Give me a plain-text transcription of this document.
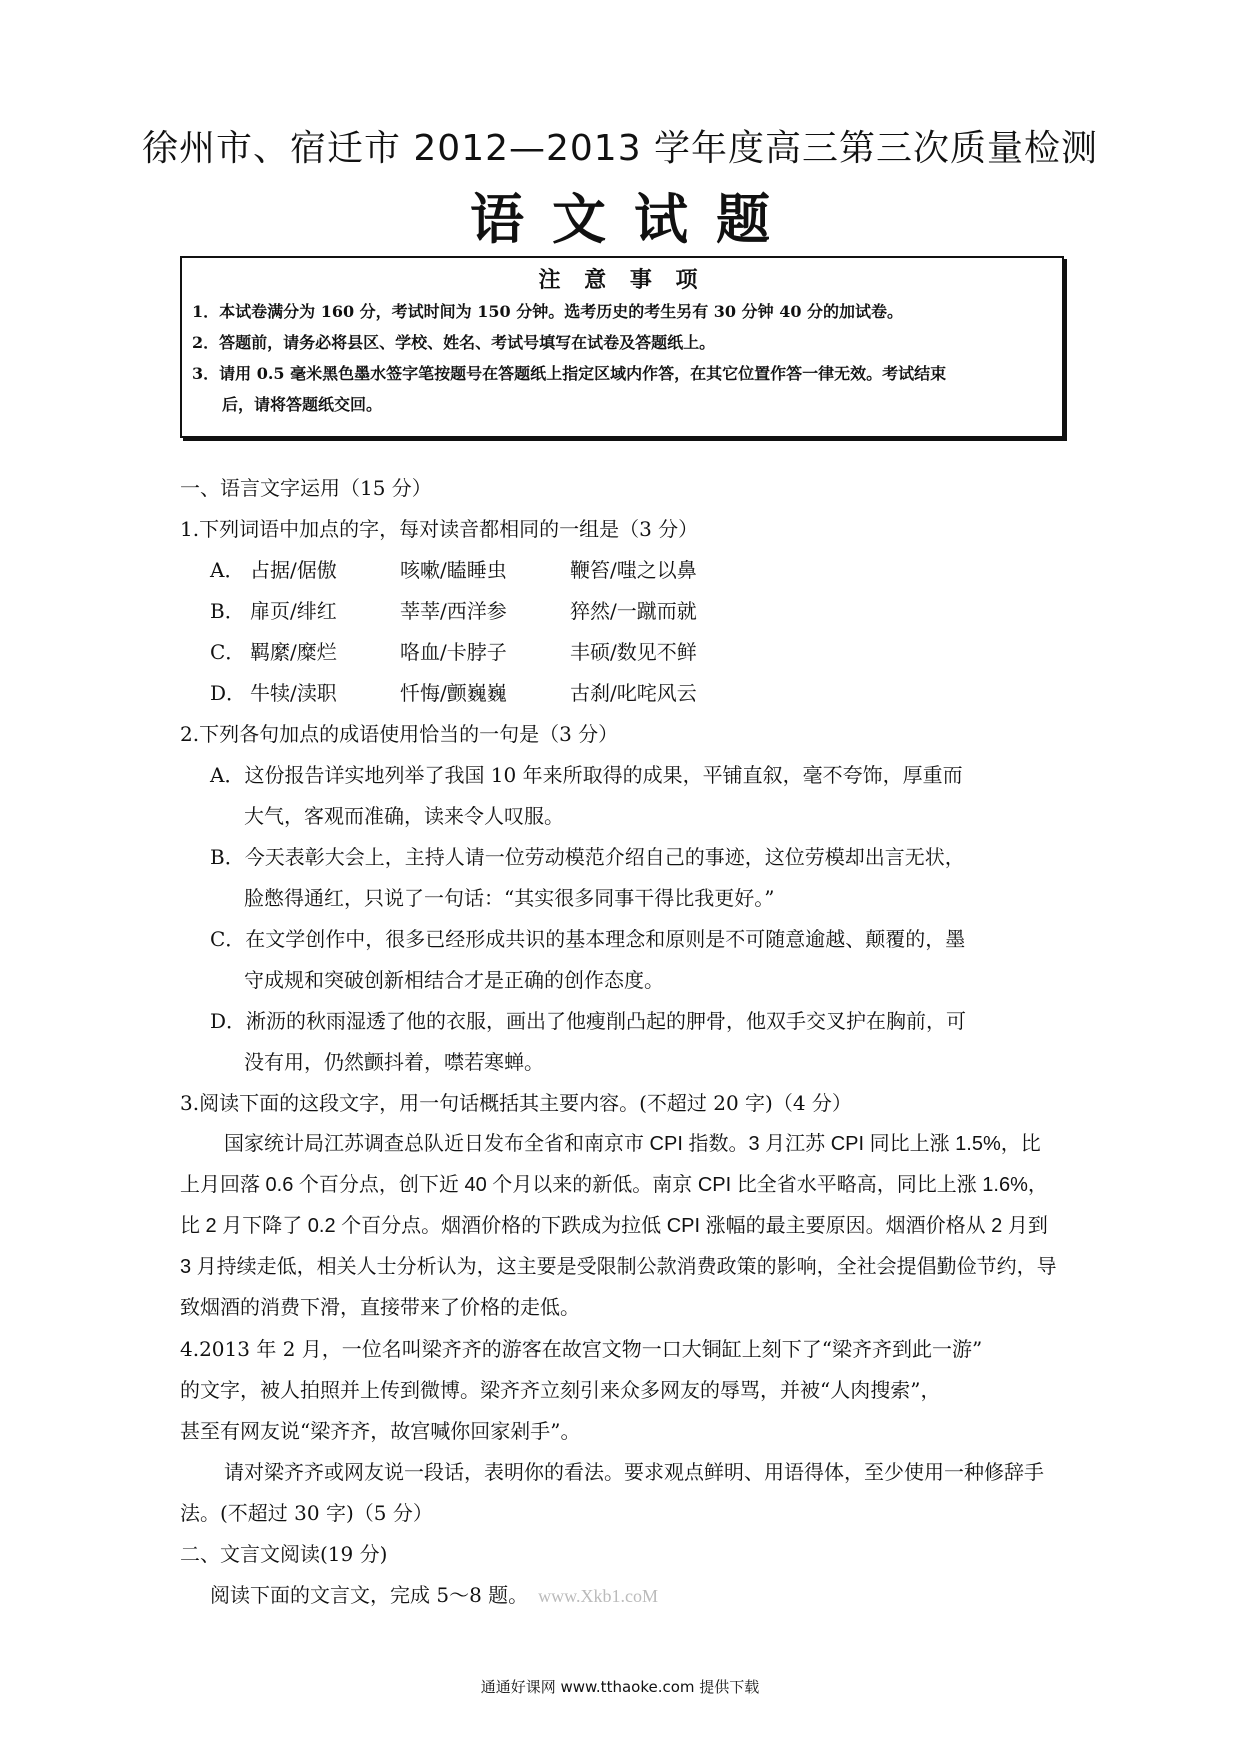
徐州市、宿迁市 2012—2013 学年度高三第三次质量检测
语 文 试 题
注 意 事 项
1．本试卷满分为 160 分，考试时间为 150 分钟。选考历史的考生另有 30 分钟 40 分的加试卷。
2．答题前，请务必将县区、学校、姓名、考试号填写在试卷及答题纸上。
3．请用 0.5 毫米黑色墨水签字笔按题号在答题纸上指定区域内作答，在其它位置作答一律无效。考试结束
后，请将答题纸交回。
一、语言文字运用（15 分）
1.下列词语中加点的字，每对读音都相同的一组是（3 分）
A． 占据/倨傲	咳嗽/瞌睡虫	鞭笞/嗤之以鼻
B． 扉页/绯红	莘莘/西洋参	猝然/一蹴而就
C． 羁縻/糜烂	咯血/卡脖子	丰硕/数见不鲜
D． 牛犊/渎职	忏悔/颤巍巍	古刹/叱咤风云
2.下列各句加点的成语使用恰当的一句是（3 分）
A．这份报告详实地列举了我国 10 年来所取得的成果，平铺直叙，毫不夸饰，厚重而
大气，客观而准确，读来令人叹服。
B．今天表彰大会上，主持人请一位劳动模范介绍自己的事迹，这位劳模却出言无状，
脸憋得通红，只说了一句话：“其实很多同事干得比我更好。”
C．在文学创作中，很多已经形成共识的基本理念和原则是不可随意逾越、颠覆的，墨
守成规和突破创新相结合才是正确的创作态度。
D．淅沥的秋雨湿透了他的衣服，画出了他瘦削凸起的胛骨，他双手交叉护在胸前，可
没有用，仍然颤抖着，噤若寒蝉。
3.阅读下面的这段文字，用一句话概括其主要内容。(不超过 20 字)（4 分）
国家统计局江苏调查总队近日发布全省和南京市 CPI 指数。3 月江苏 CPI 同比上涨 1.5%，比上月回落 0.6 个百分点，创下近 40 个月以来的新低。南京 CPI 比全省水平略高，同比上涨 1.6%，比 2 月下降了 0.2 个百分点。烟酒价格的下跌成为拉低 CPI 涨幅的最主要原因。烟酒价格从 2 月到 3 月持续走低，相关人士分析认为，这主要是受限制公款消费政策的影响，全社会提倡勤俭节约，导致烟酒的消费下滑，直接带来了价格的走低。
4.2013 年 2 月，一位名叫梁齐齐的游客在故宫文物一口大铜缸上刻下了“梁齐齐到此一游”
的文字，被人拍照并上传到微博。梁齐齐立刻引来众多网友的辱骂，并被“人肉搜索”，
甚至有网友说“梁齐齐，故宫喊你回家剁手”。
请对梁齐齐或网友说一段话，表明你的看法。要求观点鲜明、用语得体，至少使用一种修辞手法。(不超过 30 字)（5 分）
二、文言文阅读(19 分)
阅读下面的文言文，完成 5～8 题。 www.Xkb1.coM
通通好课网 www.tthaoke.com 提供下载
